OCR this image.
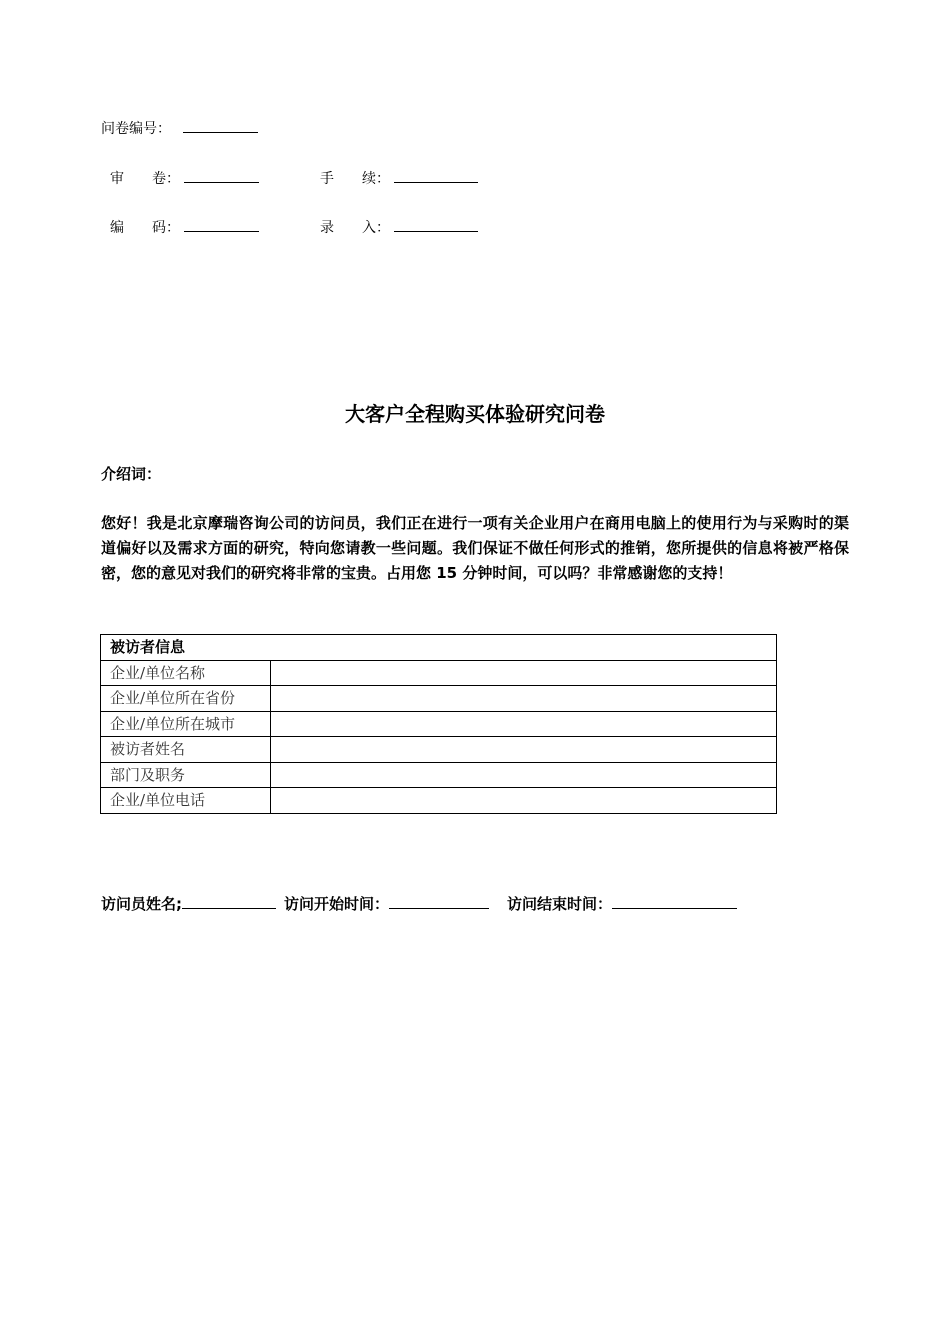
问卷编号：
审　　卷：	手　　续：
编　　码：	录　　入：
大客户全程购买体验研究问卷
介绍词：
您好！我是北京摩瑞咨询公司的访问员，我们正在进行一项有关企业用户在商用电脑上的使用行为与采购时的渠道偏好以及需求方面的研究，特向您请教一些问题。我们保证不做任何形式的推销，您所提供的信息将被严格保密，您的意见对我们的研究将非常的宝贵。占用您 15 分钟时间，可以吗？非常感谢您的支持！
被访者信息	
企业/单位名称	
企业/单位所在省份	
企业/单位所在城市	
被访者姓名	
部门及职务	
企业/单位电话	
访问员姓名;	访问开始时间：	访问结束时间：
